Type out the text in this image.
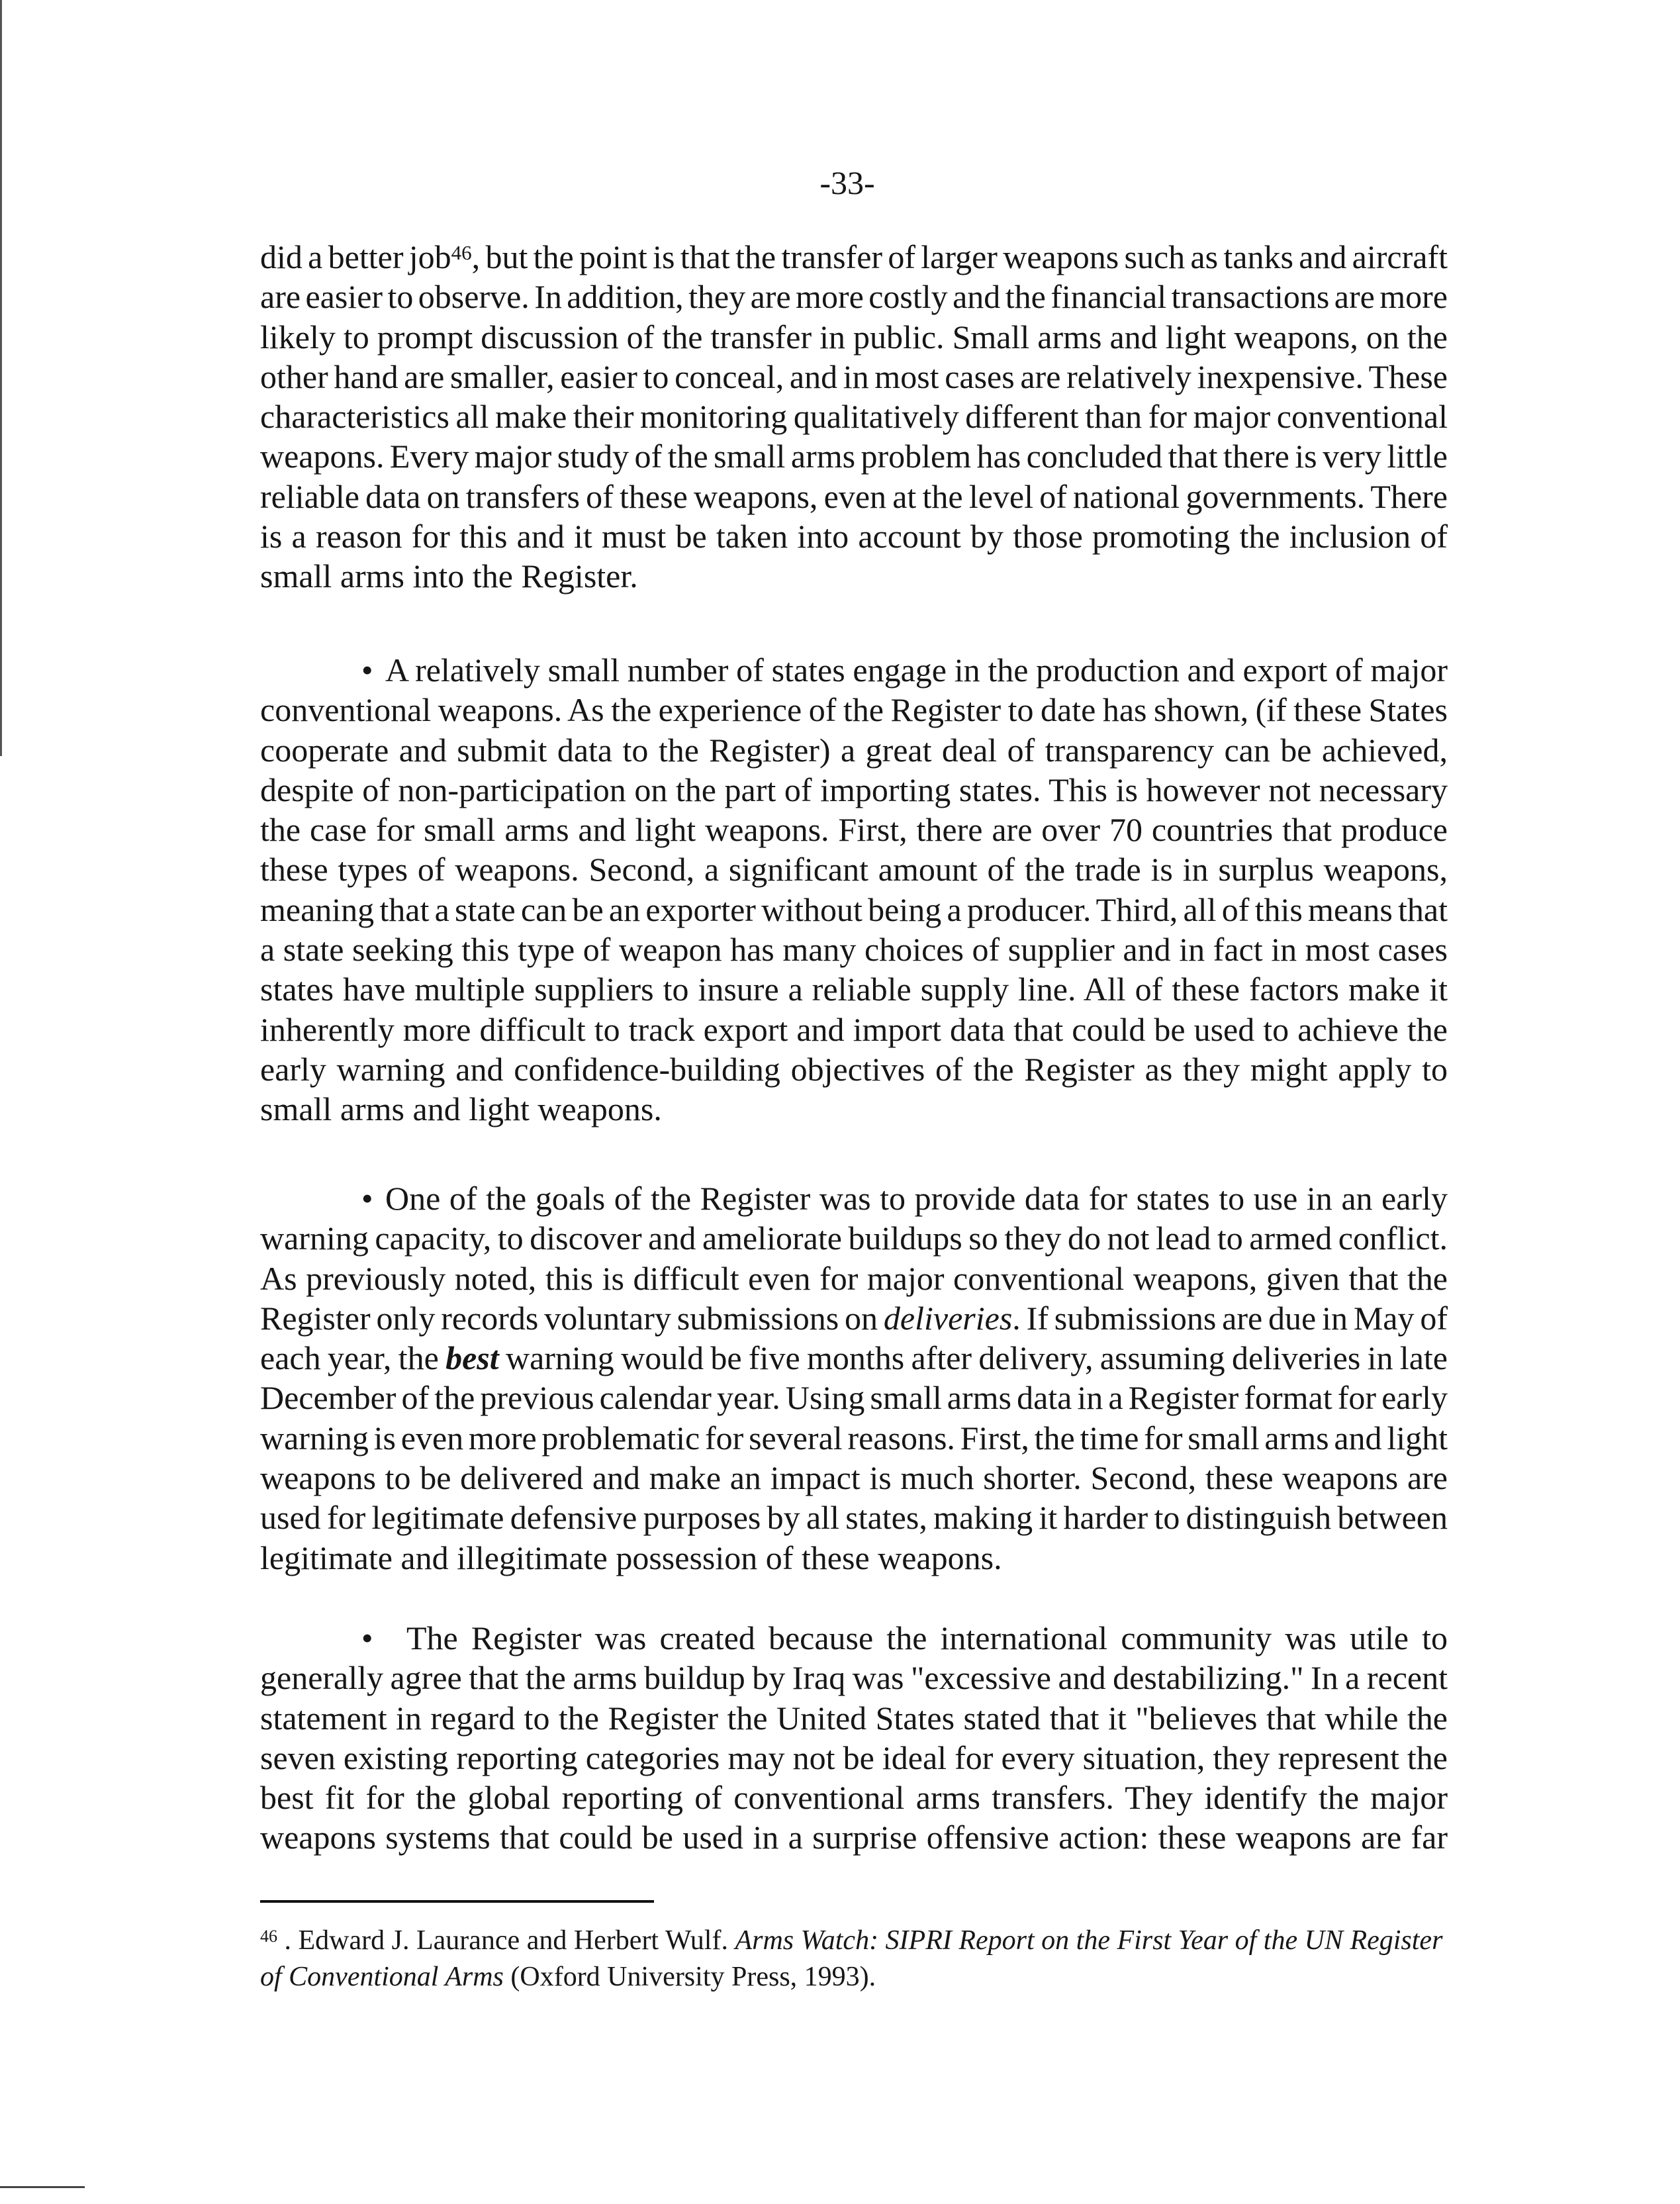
-33-
did a better job$^{46}$, but the point is that the transfer of larger weapons such as tanks and aircraft
are easier to observe. In addition, they are more costly and the financial transactions are more
likely to prompt discussion of the transfer in public. Small arms and light weapons, on the
other hand are smaller, easier to conceal, and in most cases are relatively inexpensive. These
characteristics all make their monitoring qualitatively different than for major conventional
weapons. Every major study of the small arms problem has concluded that there is very little
reliable data on transfers of these weapons, even at the level of national governments. There
is a reason for this and it must be taken into account by those promoting the inclusion of
small arms into the Register.
• A relatively small number of states engage in the production and export of major
conventional weapons. As the experience of the Register to date has shown, (if these States
cooperate and submit data to the Register) a great deal of transparency can be achieved,
despite of non-participation on the part of importing states. This is however not necessary
the case for small arms and light weapons. First, there are over 70 countries that produce
these types of weapons. Second, a significant amount of the trade is in surplus weapons,
meaning that a state can be an exporter without being a producer. Third, all of this means that
a state seeking this type of weapon has many choices of supplier and in fact in most cases
states have multiple suppliers to insure a reliable supply line. All of these factors make it
inherently more difficult to track export and import data that could be used to achieve the
early warning and confidence-building objectives of the Register as they might apply to
small arms and light weapons.
• One of the goals of the Register was to provide data for states to use in an early
warning capacity, to discover and ameliorate buildups so they do not lead to armed conflict.
As previously noted, this is difficult even for major conventional weapons, given that the
Register only records voluntary submissions on deliveries. If submissions are due in May of
each year, the best warning would be five months after delivery, assuming deliveries in late
December of the previous calendar year. Using small arms data in a Register format for early
warning is even more problematic for several reasons. First, the time for small arms and light
weapons to be delivered and make an impact is much shorter. Second, these weapons are
used for legitimate defensive purposes by all states, making it harder to distinguish between
legitimate and illegitimate possession of these weapons.
• The Register was created because the international community was utile to
generally agree that the arms buildup by Iraq was "excessive and destabilizing." In a recent
statement in regard to the Register the United States stated that it "believes that while the
seven existing reporting categories may not be ideal for every situation, they represent the
best fit for the global reporting of conventional arms transfers. They identify the major
weapons systems that could be used in a surprise offensive action: these weapons are far
$^{46}$ . Edward J. Laurance and Herbert Wulf. Arms Watch: SIPRI Report on the First Year of the UN Register
of Conventional Arms (Oxford University Press, 1993).
